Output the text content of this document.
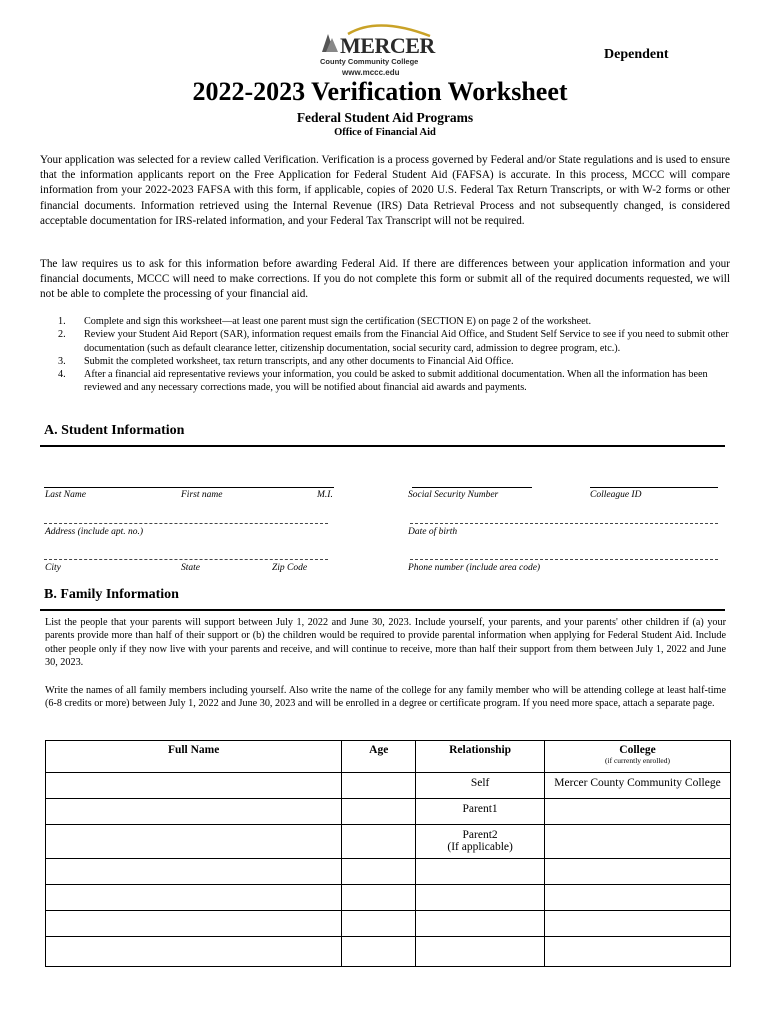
MERCER
County Community College
www.mccc.edu
Dependent
2022-2023 Verification Worksheet
Federal Student Aid Programs
Office of Financial Aid
Your application was selected for a review called Verification. Verification is a process governed by Federal and/or State regulations and is used to ensure that the information applicants report on the Free Application for Federal Student Aid (FAFSA) is accurate. In this process, MCCC will compare information from your 2022-2023 FAFSA with this form, if applicable, copies of 2020 U.S. Federal Tax Return Transcripts, or with W-2 forms or other financial documents. Information retrieved using the Internal Revenue (IRS) Data Retrieval Process and not subsequently changed, is considered acceptable documentation for IRS-related information, and your Federal Tax Transcript will not be required.
The law requires us to ask for this information before awarding Federal Aid. If there are differences between your application information and your financial documents, MCCC will need to make corrections. If you do not complete this form or submit all of the required documents requested, we will not be able to complete the processing of your financial aid.
1.	Complete and sign this worksheet—at least one parent must sign the certification (SECTION E) on page 2 of the worksheet.
2.	Review your Student Aid Report (SAR), information request emails from the Financial Aid Office, and Student Self Service to see if you need to submit other documentation (such as default clearance letter, citizenship documentation, social security card, admission to degree program, etc.).
3.	Submit the completed worksheet, tax return transcripts, and any other documents to Financial Aid Office.
4.	After a financial aid representative reviews your information, you could be asked to submit additional documentation. When all the information has been reviewed and any necessary corrections made, you will be notified about financial aid awards and payments.
A. Student Information
Last Name	First name	M.I.	Social Security Number	Colleague ID
Address (include apt. no.)	Date of birth
City	State	Zip Code	Phone number (include area code)
B. Family Information
List the people that your parents will support between July 1, 2022 and June 30, 2023. Include yourself, your parents, and your parents' other children if (a) your parents provide more than half of their support or (b) the children would be required to provide parental information when applying for Federal Student Aid. Include other people only if they now live with your parents and receive, and will continue to receive, more than half their support from them between July 1, 2022 and June 30, 2023.
Write the names of all family members including yourself. Also write the name of the college for any family member who will be attending college at least half-time (6-8 credits or more) between July 1, 2022 and June 30, 2023 and will be enrolled in a degree or certificate program. If you need more space, attach a separate page.
Full Name	Age	Relationship	College
(if currently enrolled)

		Self	Mercer County Community College
		Parent1	
		Parent2
(If applicable)	
